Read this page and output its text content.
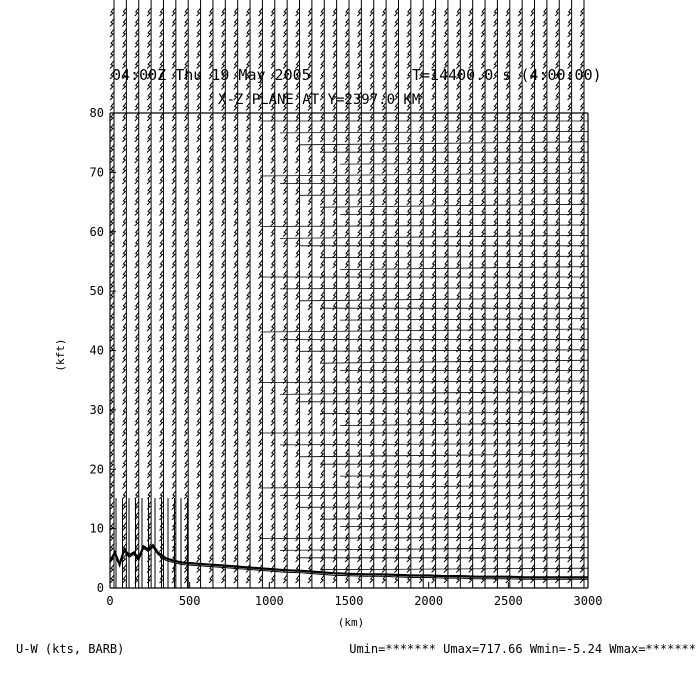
0	500	1000	1500	2000	2500	3000
0
10
20
30
40
50
60
70
80
04:00Z Thu 19 May 2005	T=14400.0 s (4:00:00)
X-Z PLANE AT Y=2397.0 KM
(km)
(kft)
U-W (kts, BARB)	Umin=******* Umax=717.66 Wmin=-5.24 Wmax=*******
